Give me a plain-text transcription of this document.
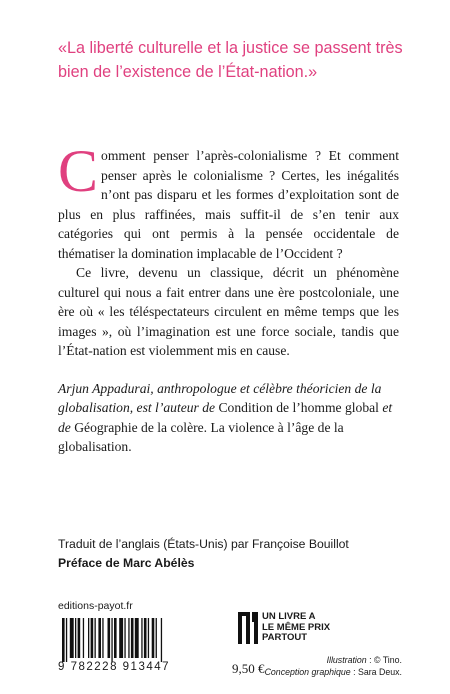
«La liberté culturelle et la justice se passent très bien de l’existence de l’État-nation.»

Comment penser l’après-colonialisme ? Et comment penser après le colonialisme ? Certes, les inégalités n’ont pas disparu et les formes d’exploitation sont de plus en plus raffinées, mais suffit-il de s’en tenir aux catégories qui ont permis à la pensée occidentale de thématiser la domination implacable de l’Occident ?

Ce livre, devenu un classique, décrit un phénomène culturel qui nous a fait entrer dans une ère postcoloniale, une ère où « les téléspectateurs circulent en même temps que les images », où l’imagination est une force sociale, tandis que l’État-nation est violemment mis en cause.

Arjun Appadurai, anthropologue et célèbre théoricien de la globalisation, est l’auteur de Condition de l’homme global et de Géographie de la colère. La violence à l’âge de la globalisation.

Traduit de l’anglais (États-Unis) par Françoise Bouillot
Préface de Marc Abélès
editions-payot.fr
9 782228 913447	9,50 €
UN LIVRE A
LE MÊME PRIX
PARTOUT
Illustration : © Tino.
Conception graphique : Sara Deux.
